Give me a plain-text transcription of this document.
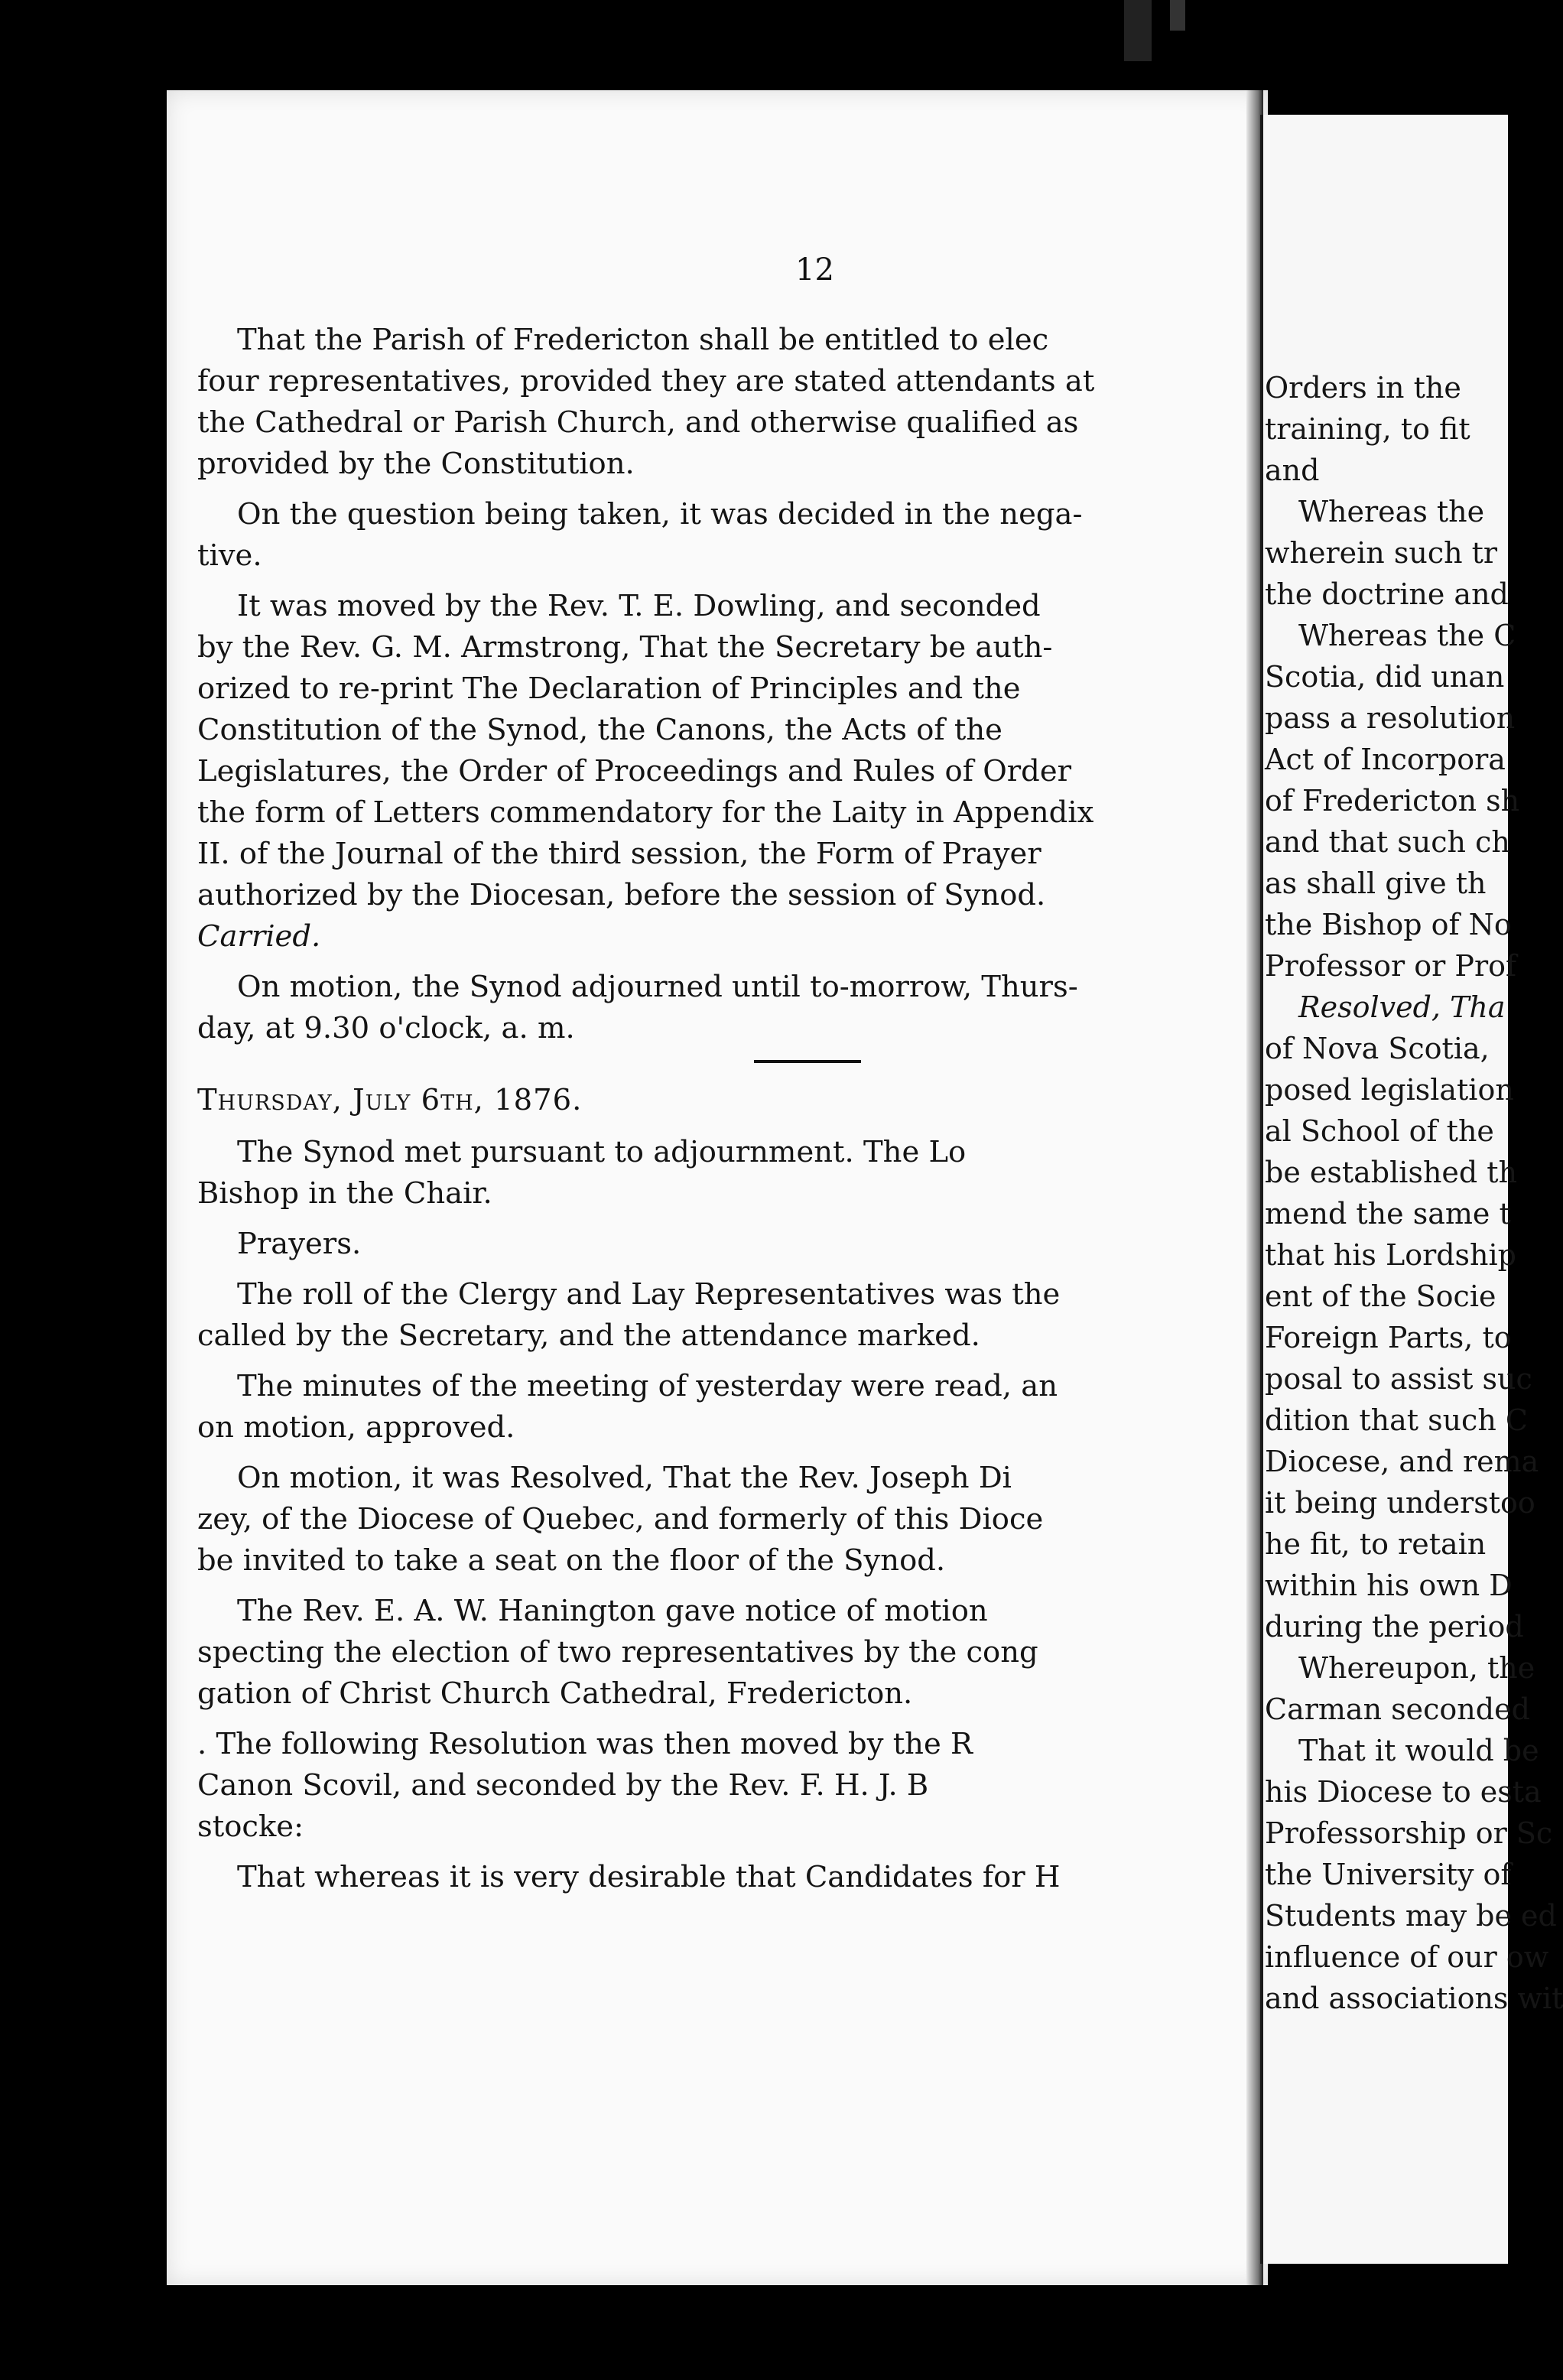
12

That the Parish of Fredericton shall be entitled to elec
four representatives, provided they are stated attendants at
the Cathedral or Parish Church, and otherwise qualified as
provided by the Constitution.

On the question being taken, it was decided in the nega-
tive.

It was moved by the Rev. T. E. Dowling, and seconded
by the Rev. G. M. Armstrong, That the Secretary be auth-
orized to re-print The Declaration of Principles and the
Constitution of the Synod, the Canons, the Acts of the
Legislatures, the Order of Proceedings and Rules of Order
the form of Letters commendatory for the Laity in Appendix
II. of the Journal of the third session, the Form of Prayer
authorized by the Diocesan, before the session of Synod.
Carried.

On motion, the Synod adjourned until to-morrow, Thurs-
day, at 9.30 o'clock, a. m.

Thursday, July 6th, 1876.

The Synod met pursuant to adjournment. The Lo
Bishop in the Chair.

Prayers.

The roll of the Clergy and Lay Representatives was the
called by the Secretary, and the attendance marked.

The minutes of the meeting of yesterday were read, an
on motion, approved.

On motion, it was Resolved, That the Rev. Joseph Di
zey, of the Diocese of Quebec, and formerly of this Dioce
be invited to take a seat on the floor of the Synod.

The Rev. E. A. W. Hanington gave notice of motion
specting the election of two representatives by the cong
gation of Christ Church Cathedral, Fredericton.

. The following Resolution was then moved by the R
Canon Scovil, and seconded by the Rev. F. H. J. B
stocke:

That whereas it is very desirable that Candidates for H

Orders in the
training, to fit
and
Whereas the
wherein such tr
the doctrine and
Whereas the C
Scotia, did unan
pass a resolution
Act of Incorpora
of Fredericton sh
and that such ch
as shall give th
the Bishop of No
Professor or Prof
Resolved, Tha
of Nova Scotia,
posed legislation
al School of the
be established th
mend the same t
that his Lordship
ent of the Socie
Foreign Parts, to
posal to assist suc
dition that such C
Diocese, and rema
it being understoo
he fit, to retain
within his own D
during the period
Whereupon, the
Carman seconded
That it would be
his Diocese to esta
Professorship or Sc
the University of
Students may be ed
influence of our ow
and associations wit
